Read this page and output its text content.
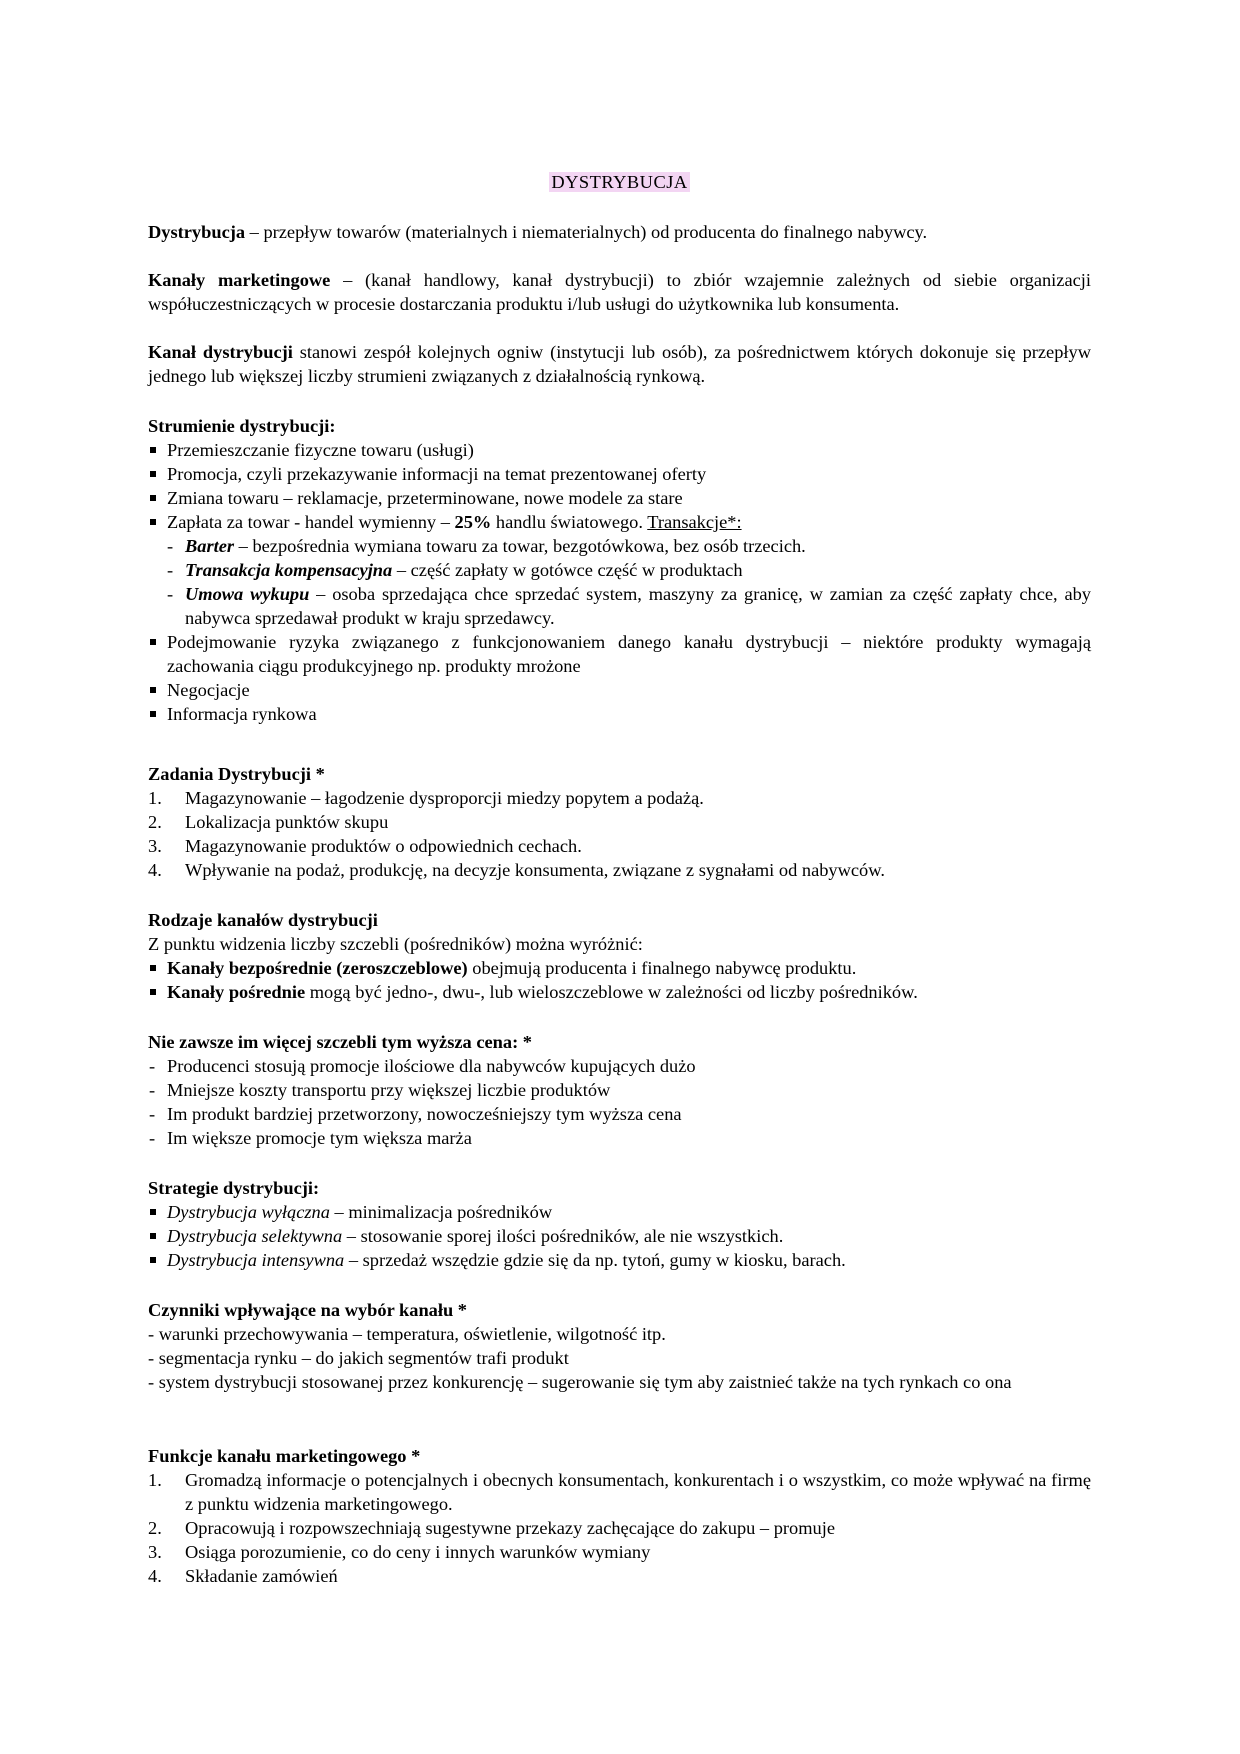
DYSTRYBUCJA
Dystrybucja – przepływ towarów (materialnych i niematerialnych) od producenta do finalnego nabywcy.
Kanały marketingowe – (kanał handlowy, kanał dystrybucji) to zbiór wzajemnie zależnych od siebie organizacji współuczestniczących w procesie dostarczania produktu i/lub usługi do użytkownika lub konsumenta.
Kanał dystrybucji stanowi zespół kolejnych ogniw (instytucji lub osób), za pośrednictwem których dokonuje się przepływ jednego lub większej liczby strumieni związanych z działalnością rynkową.
Strumienie dystrybucji:
Przemieszczanie fizyczne towaru (usługi)
Promocja, czyli przekazywanie informacji na temat prezentowanej oferty
Zmiana towaru – reklamacje, przeterminowane, nowe modele za stare
Zapłata za towar - handel wymienny – 25% handlu światowego. Transakcje*:
- Barter – bezpośrednia wymiana towaru za towar, bezgotówkowa, bez osób trzecich.
- Transakcja kompensacyjna – część zapłaty w gotówce część w produktach
- Umowa wykupu – osoba sprzedająca chce sprzedać system, maszyny za granicę, w zamian za część zapłaty chce, aby nabywca sprzedawał produkt w kraju sprzedawcy.
Podejmowanie ryzyka związanego z funkcjonowaniem danego kanału dystrybucji – niektóre produkty wymagają zachowania ciągu produkcyjnego np. produkty mrożone
Negocjacje
Informacja rynkowa
Zadania Dystrybucji *
1. Magazynowanie – łagodzenie dysproporcji miedzy popytem a podażą.
2. Lokalizacja punktów skupu
3. Magazynowanie produktów o odpowiednich cechach.
4. Wpływanie na podaż, produkcję, na decyzje konsumenta, związane z sygnałami od nabywców.
Rodzaje kanałów dystrybucji
Z punktu widzenia liczby szczebli (pośredników) można wyróżnić:
Kanały bezpośrednie (zeroszczeblowe) obejmują producenta i finalnego nabywcę produktu.
Kanały pośrednie mogą być jedno-, dwu-, lub wieloszczeblowe w zależności od liczby pośredników.
Nie zawsze im więcej szczebli tym wyższa cena: *
- Producenci stosują promocje ilościowe dla nabywców kupujących dużo
- Mniejsze koszty transportu przy większej liczbie produktów
- Im produkt bardziej przetworzony, nowocześniejszy tym wyższa cena
- Im większe promocje tym większa marża
Strategie dystrybucji:
Dystrybucja wyłączna – minimalizacja pośredników
Dystrybucja selektywna – stosowanie sporej ilości pośredników, ale nie wszystkich.
Dystrybucja intensywna – sprzedaż wszędzie gdzie się da np. tytoń, gumy w kiosku, barach.
Czynniki wpływające na wybór kanału *
- warunki przechowywania – temperatura, oświetlenie, wilgotność itp.
- segmentacja rynku – do jakich segmentów trafi produkt
- system dystrybucji stosowanej przez konkurencję – sugerowanie się tym aby zaistnieć także na tych rynkach co ona
Funkcje kanału marketingowego *
1. Gromadzą informacje o potencjalnych i obecnych konsumentach, konkurentach i o wszystkim, co może wpływać na firmę z punktu widzenia marketingowego.
2. Opracowują i rozpowszechniają sugestywne przekazy zachęcające do zakupu – promuje
3. Osiąga porozumienie, co do ceny i innych warunków wymiany
4. Składanie zamówień
